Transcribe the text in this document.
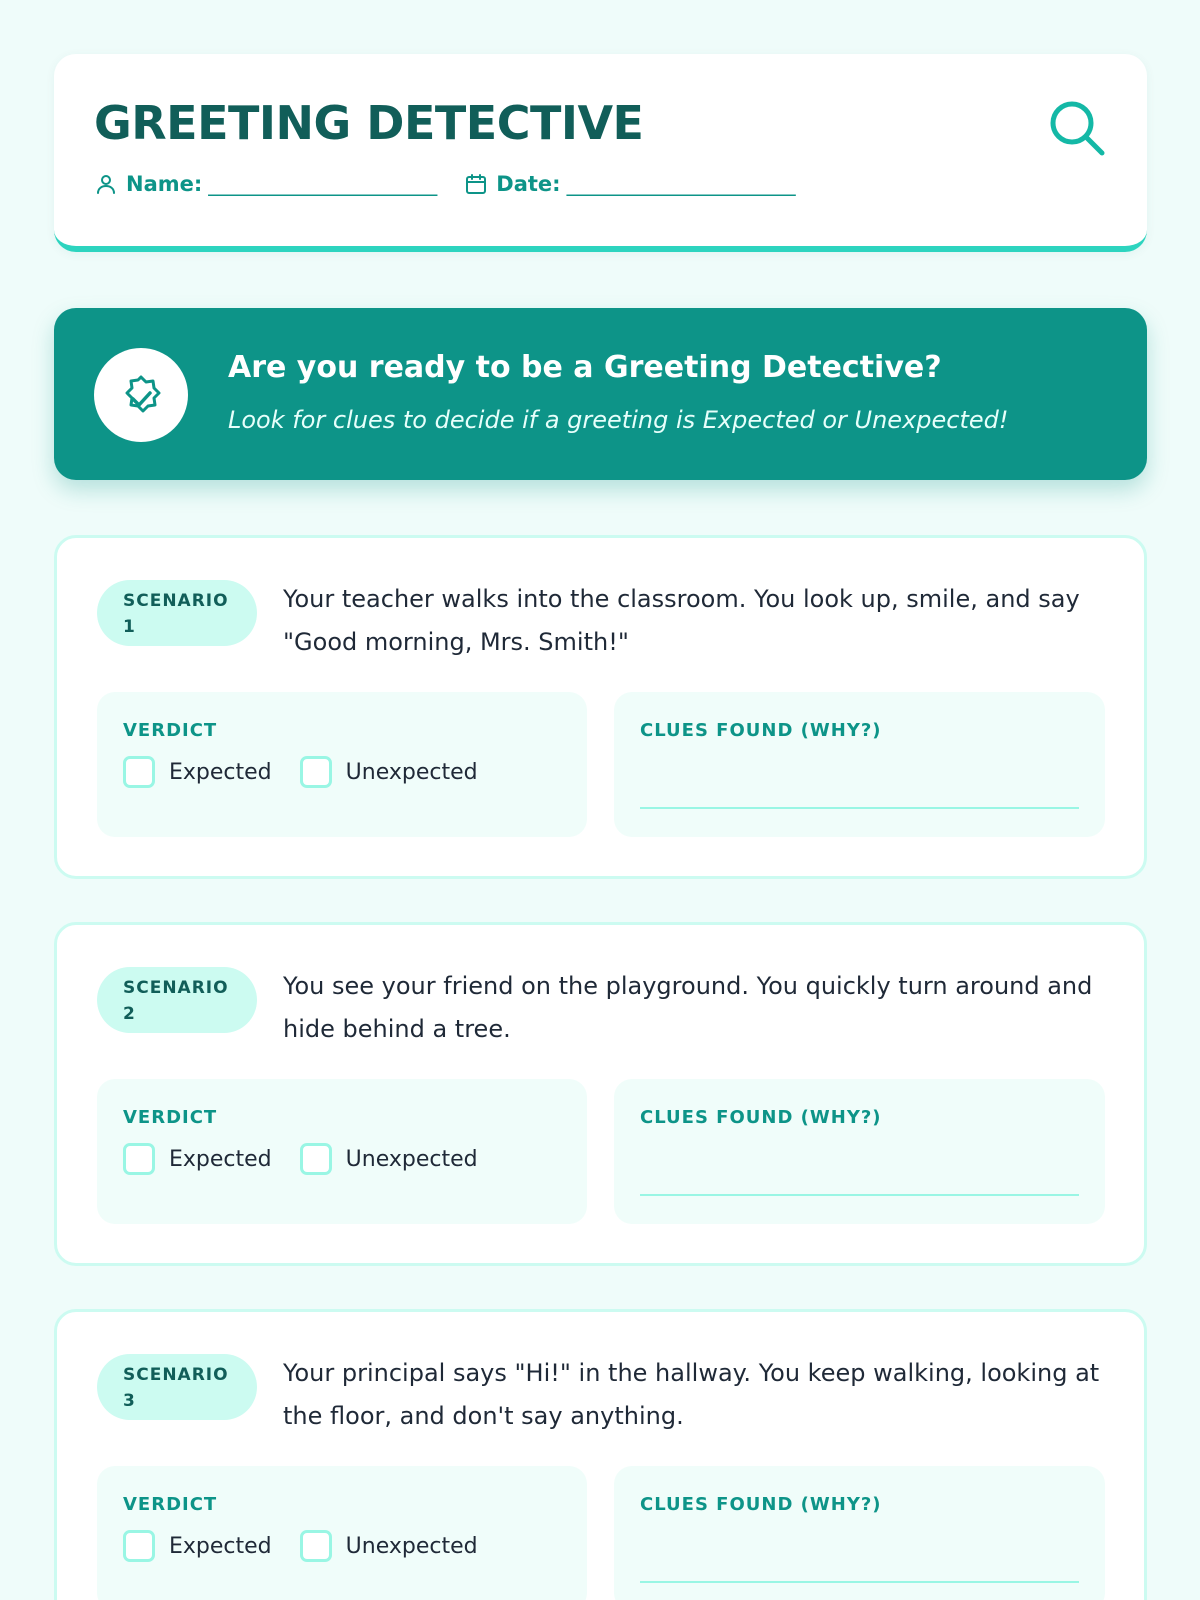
GREETING DETECTIVE
Name: ________________________	Date: ________________________
Are you ready to be a Greeting Detective?
Look for clues to decide if a greeting is Expected or Unexpected!
SCENARIO
1
Your teacher walks into the classroom. You look up, smile, and say "Good morning, Mrs. Smith!"
VERDICT
Expected	Unexpected
CLUES FOUND (WHY?)
SCENARIO
2
You see your friend on the playground. You quickly turn around and hide behind a tree.
VERDICT
Expected	Unexpected
CLUES FOUND (WHY?)
SCENARIO
3
Your principal says "Hi!" in the hallway. You keep walking, looking at the floor, and don't say anything.
VERDICT
Expected	Unexpected
CLUES FOUND (WHY?)
